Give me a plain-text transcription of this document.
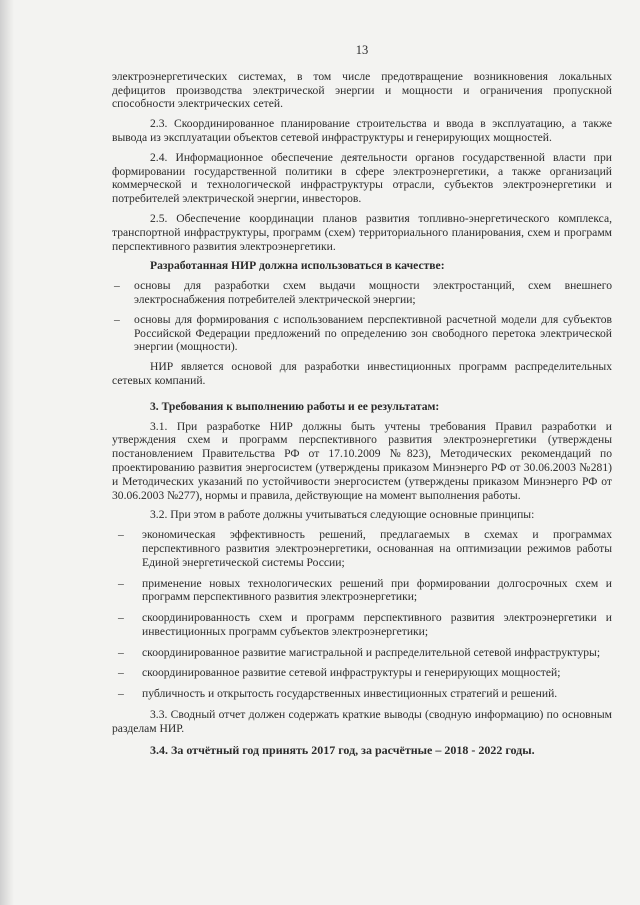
13
электроэнергетических системах, в том числе предотвращение возникновения локальных дефицитов производства электрической энергии и мощности и ограничения пропускной способности электрических сетей.
2.3. Скоординированное планирование строительства и ввода в эксплуатацию, а также вывода из эксплуатации объектов сетевой инфраструктуры и генерирующих мощностей.
2.4. Информационное обеспечение деятельности органов государственной власти при формировании государственной политики в сфере электроэнергетики, а также организаций коммерческой и технологической инфраструктуры отрасли, субъектов электроэнергетики и потребителей электрической энергии, инвесторов.
2.5. Обеспечение координации планов развития топливно-энергетического комплекса, транспортной инфраструктуры, программ (схем) территориального планирования, схем и программ перспективного развития электроэнергетики.
Разработанная НИР должна использоваться в качестве:
– основы для разработки схем выдачи мощности электростанций, схем внешнего электроснабжения потребителей электрической энергии;
– основы для формирования с использованием перспективной расчетной модели для субъектов Российской Федерации предложений по определению зон свободного перетока электрической энергии (мощности).
НИР является основой для разработки инвестиционных программ распределительных сетевых компаний.
3. Требования к выполнению работы и ее результатам:
3.1. При разработке НИР должны быть учтены требования Правил разработки и утверждения схем и программ перспективного развития электроэнергетики (утверждены постановлением Правительства РФ от 17.10.2009 №823), Методических рекомендаций по проектированию развития энергосистем (утверждены приказом Минэнерго РФ от 30.06.2003 №281) и Методических указаний по устойчивости энергосистем (утверждены приказом Минэнерго РФ от 30.06.2003 №277), нормы и правила, действующие на момент выполнения работы.
3.2. При этом в работе должны учитываться следующие основные принципы:
– экономическая эффективность решений, предлагаемых в схемах и программах перспективного развития электроэнергетики, основанная на оптимизации режимов работы Единой энергетической системы России;
– применение новых технологических решений при формировании долгосрочных схем и программ перспективного развития электроэнергетики;
– скоординированность схем и программ перспективного развития электроэнергетики и инвестиционных программ субъектов электроэнергетики;
– скоординированное развитие магистральной и распределительной сетевой инфраструктуры;
– скоординированное развитие сетевой инфраструктуры и генерирующих мощностей;
– публичность и открытость государственных инвестиционных стратегий и решений.
3.3. Сводный отчет должен содержать краткие выводы (сводную информацию) по основным разделам НИР.
3.4. За отчётный год принять 2017 год, за расчётные – 2018 - 2022 годы.
